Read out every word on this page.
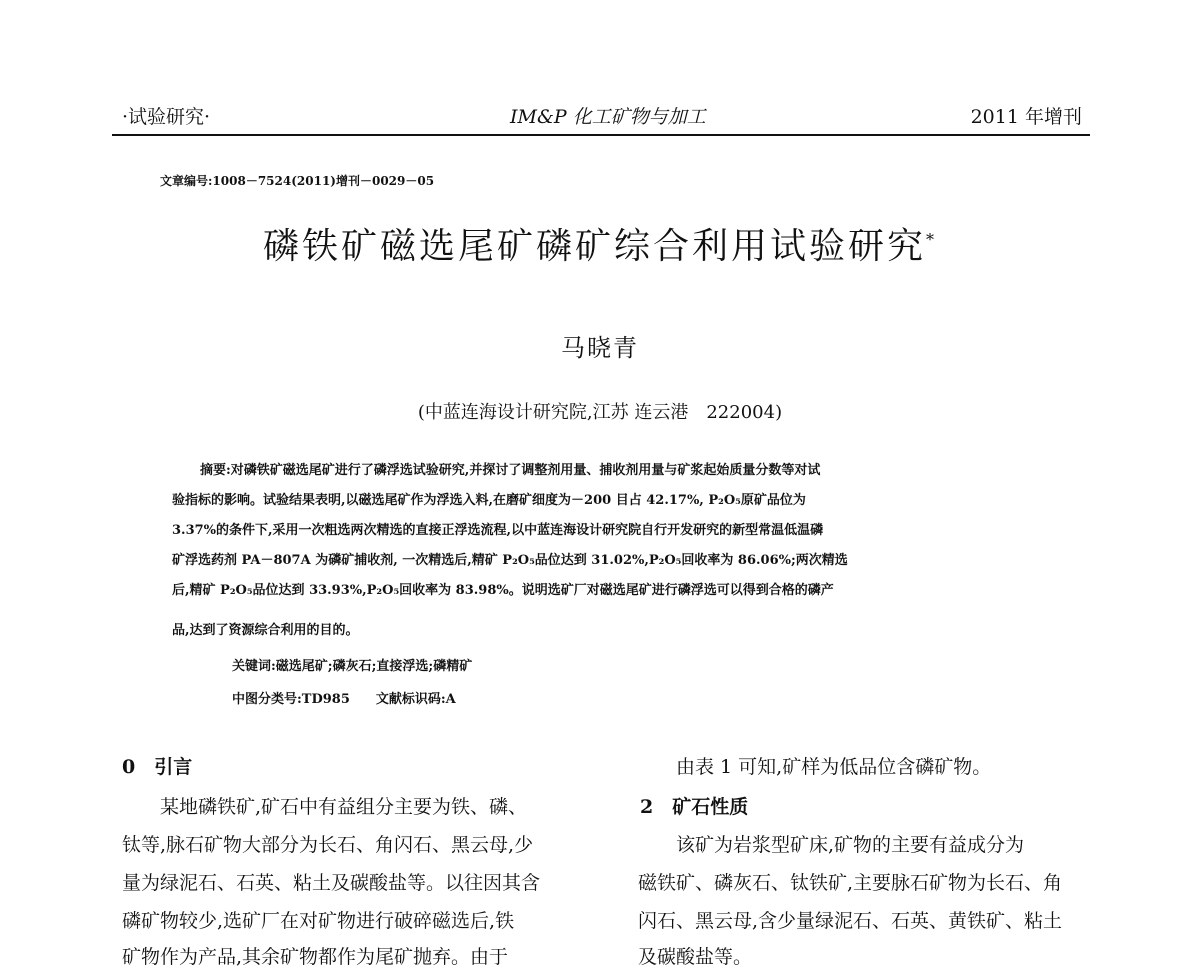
·试验研究·	IM&P 化工矿物与加工	2011 年增刊
文章编号:1008－7524(2011)增刊－0029－05
磷铁矿磁选尾矿磷矿综合利用试验研究*
马晓青
(中蓝连海设计研究院,江苏 连云港　222004)
摘要:对磷铁矿磁选尾矿进行了磷浮选试验研究,并探讨了调整剂用量、捕收剂用量与矿浆起始质量分数等对试
验指标的影响。试验结果表明,以磁选尾矿作为浮选入料,在磨矿细度为－200 目占 42.17%, P₂O₅原矿品位为
3.37%的条件下,采用一次粗选两次精选的直接正浮选流程,以中蓝连海设计研究院自行开发研究的新型常温低温磷
矿浮选药剂 PA－807A 为磷矿捕收剂, 一次精选后,精矿 P₂O₅品位达到 31.02%,P₂O₅回收率为 86.06%;两次精选
后,精矿 P₂O₅品位达到 33.93%,P₂O₅回收率为 83.98%。说明选矿厂对磁选尾矿进行磷浮选可以得到合格的磷产
品,达到了资源综合利用的目的。
关键词:磁选尾矿;磷灰石;直接浮选;磷精矿
中图分类号:TD985　　文献标识码:A
0　引言
　　某地磷铁矿,矿石中有益组分主要为铁、磷、
钛等,脉石矿物大部分为长石、角闪石、黑云母,少
量为绿泥石、石英、粘土及碳酸盐等。以往因其含
磷矿物较少,选矿厂在对矿物进行破碎磁选后,铁
矿物作为产品,其余矿物都作为尾矿抛弃。由于
　　由表 1 可知,矿样为低品位含磷矿物。
2　矿石性质
　　该矿为岩浆型矿床,矿物的主要有益成分为
磁铁矿、磷灰石、钛铁矿,主要脉石矿物为长石、角
闪石、黑云母,含少量绿泥石、石英、黄铁矿、粘土
及碳酸盐等。
